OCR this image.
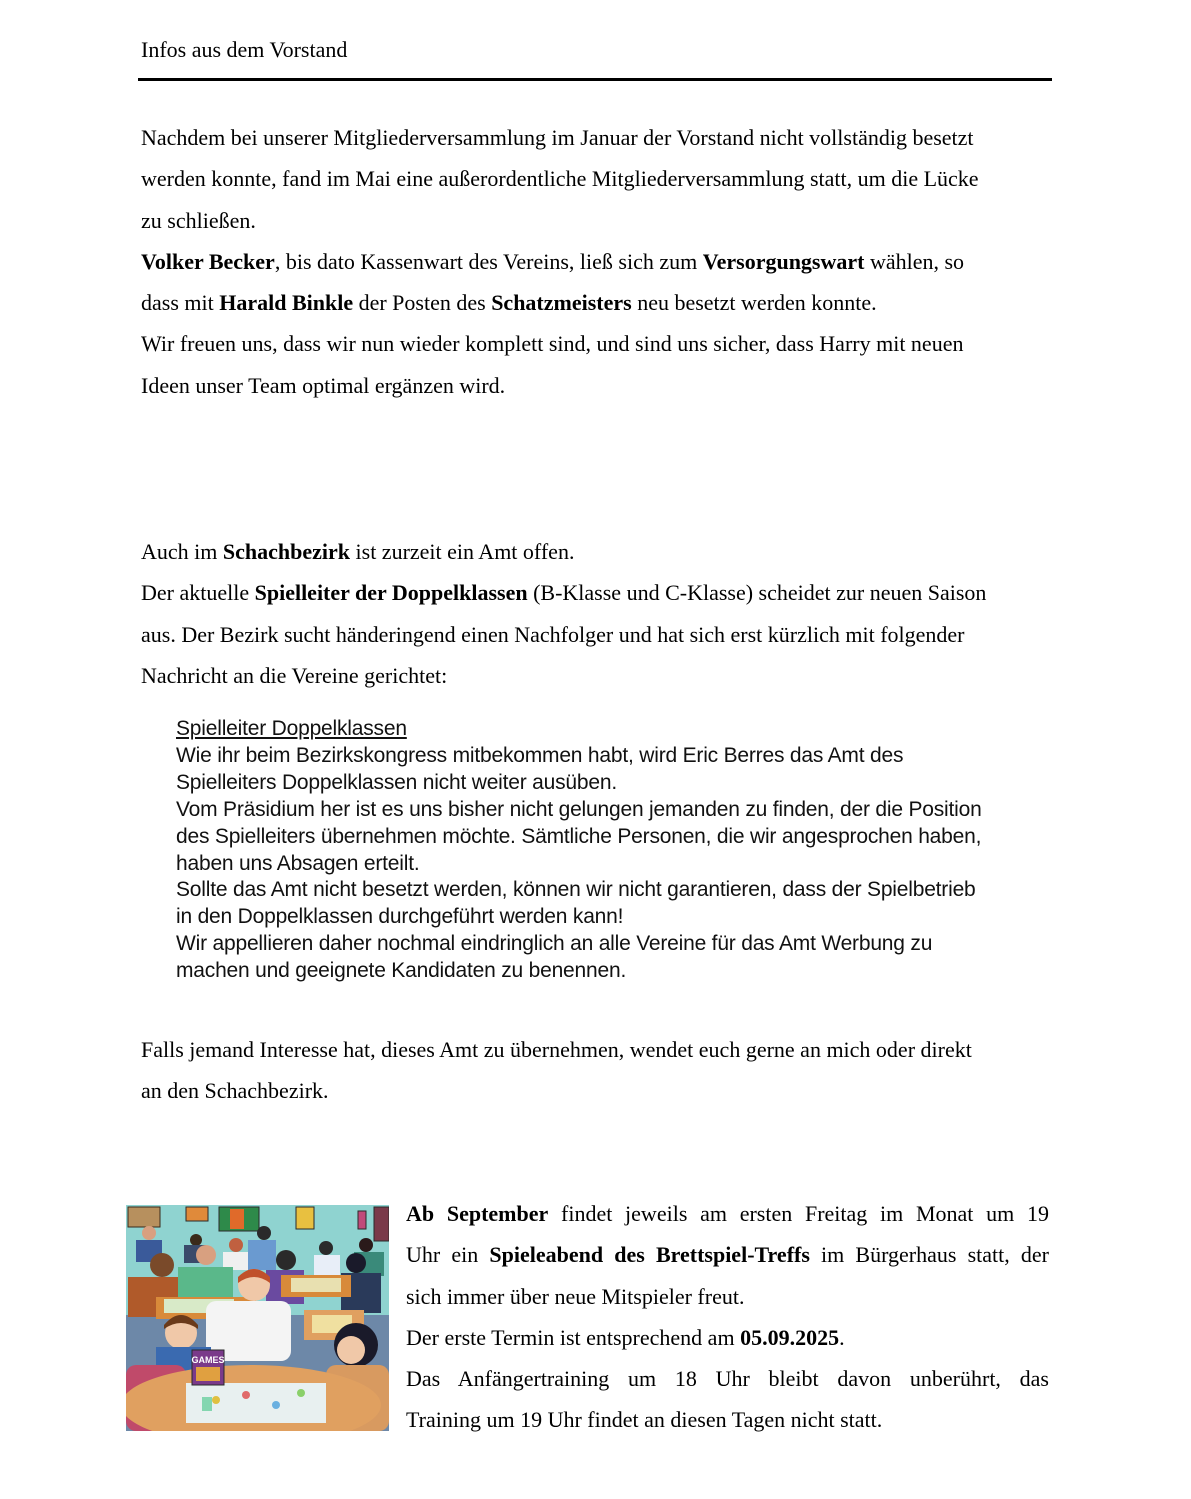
Infos aus dem Vorstand
Nachdem bei unserer Mitgliederversammlung im Januar der Vorstand nicht vollständig besetzt
werden konnte, fand im Mai eine außerordentliche Mitgliederversammlung statt, um die Lücke
zu schließen.
Volker Becker, bis dato Kassenwart des Vereins, ließ sich zum Versorgungswart wählen, so
dass mit Harald Binkle der Posten des Schatzmeisters neu besetzt werden konnte.
Wir freuen uns, dass wir nun wieder komplett sind, und sind uns sicher, dass Harry mit neuen
Ideen unser Team optimal ergänzen wird.
Auch im Schachbezirk ist zurzeit ein Amt offen.
Der aktuelle Spielleiter der Doppelklassen (B-Klasse und C-Klasse) scheidet zur neuen Saison
aus. Der Bezirk sucht händeringend einen Nachfolger und hat sich erst kürzlich mit folgender
Nachricht an die Vereine gerichtet:
Spielleiter Doppelklassen
Wie ihr beim Bezirkskongress mitbekommen habt, wird Eric Berres das Amt des
Spielleiters Doppelklassen nicht weiter ausüben.
Vom Präsidium her ist es uns bisher nicht gelungen jemanden zu finden, der die Position
des Spielleiters übernehmen möchte. Sämtliche Personen, die wir angesprochen haben,
haben uns Absagen erteilt.
Sollte das Amt nicht besetzt werden, können wir nicht garantieren, dass der Spielbetrieb
in den Doppelklassen durchgeführt werden kann!
Wir appellieren daher nochmal eindringlich an alle Vereine für das Amt Werbung zu
machen und geeignete Kandidaten zu benennen.
Falls jemand Interesse hat, dieses Amt zu übernehmen, wendet euch gerne an mich oder direkt
an den Schachbezirk.
GAMES
Ab September findet jeweils am ersten Freitag im Monat um 19
Uhr ein Spieleabend des Brettspiel-Treffs im Bürgerhaus statt, der
sich immer über neue Mitspieler freut.
Der erste Termin ist entsprechend am 05.09.2025.
Das Anfängertraining um 18 Uhr bleibt davon unberührt, das
Training um 19 Uhr findet an diesen Tagen nicht statt.
